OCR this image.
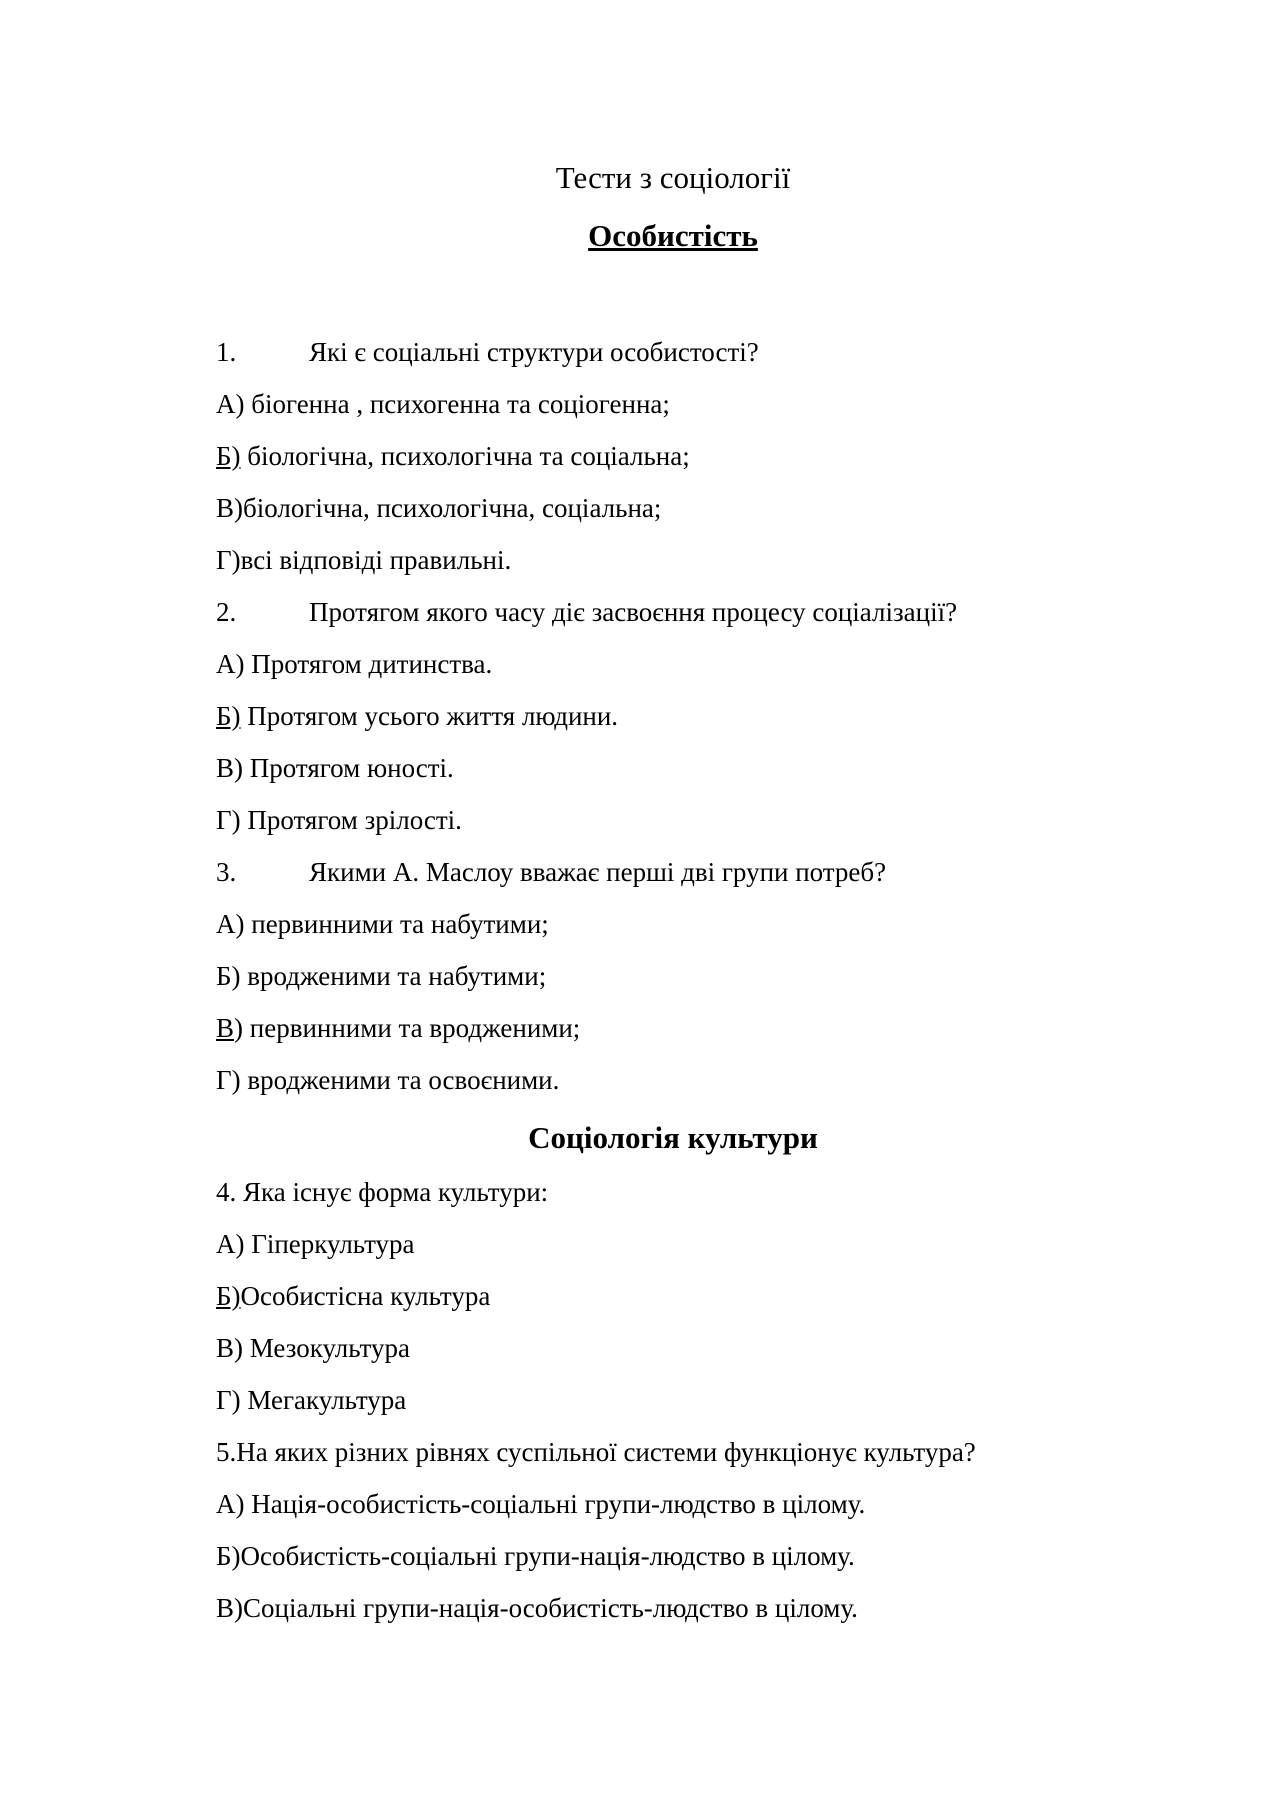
Тести з соціології
Особистість
1.	Які є соціальні структури особистості?
А) біогенна , психогенна та соціогенна;
Б) біологічна, психологічна та соціальна;
В)біологічна, психологічна, соціальна;
Г)всі відповіді правильні.
2.	Протягом якого часу діє засвоєння процесу соціалізації?
А) Протягом дитинства.
Б) Протягом усього життя людини.
В) Протягом юності.
Г) Протягом зрілості.
3.	Якими А. Маслоу вважає перші дві групи потреб?
А) первинними та набутими;
Б) вродженими та набутими;
В) первинними та вродженими;
Г) вродженими та освоєними.
Соціологія культури
4. Яка існує форма культури:
А) Гіперкультура
Б)Особистісна культура
В) Мезокультура
Г) Мегакультура
5.На яких різних рівнях суспільної системи функціонує культура?
А) Нація-особистість-соціальні групи-людство в цілому.
Б)Особистість-соціальні групи-нація-людство в цілому.
В)Соціальні групи-нація-особистість-людство в цілому.
